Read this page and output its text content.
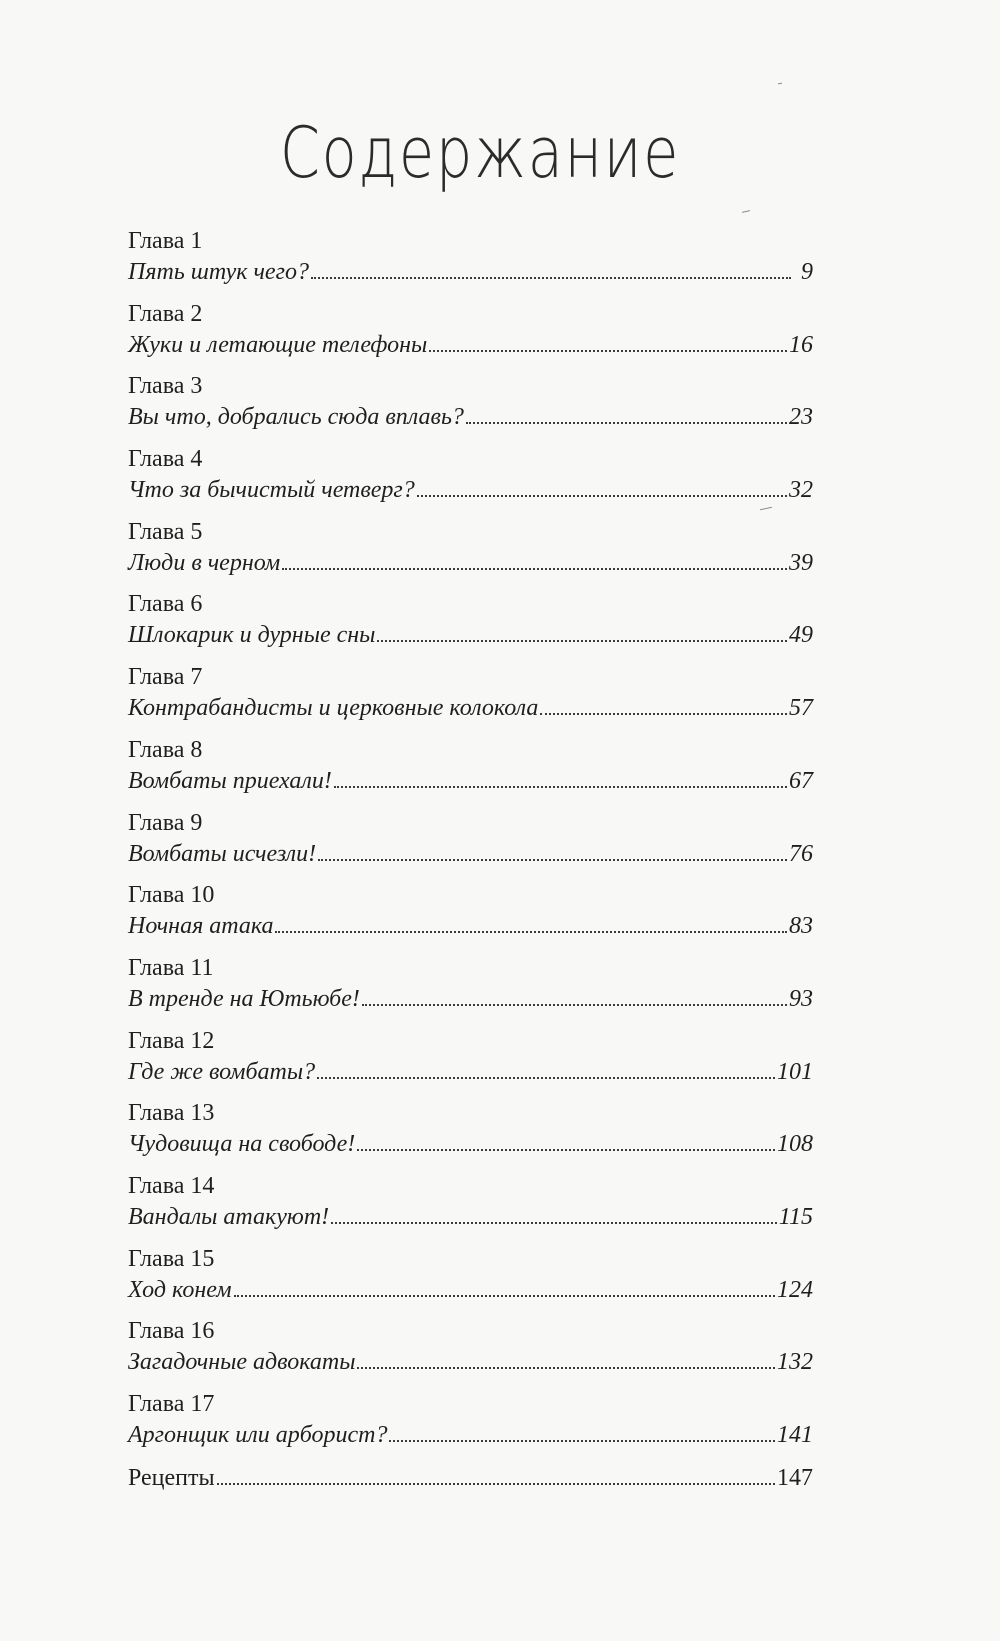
Содержание
Глава 1
Пять штук чего?	9
Глава 2
Жуки и летающие телефоны	16
Глава 3
Вы что, добрались сюда вплавь?	23
Глава 4
Что за бычистый четверг?	32
Глава 5
Люди в черном	39
Глава 6
Шлокарик и дурные сны	49
Глава 7
Контрабандисты и церковные колокола	57
Глава 8
Вомбаты приехали!	67
Глава 9
Вомбаты исчезли!	76
Глава 10
Ночная атака	83
Глава 11
В тренде на Ютьюбе!	93
Глава 12
Где же вомбаты?	101
Глава 13
Чудовища на свободе!	108
Глава 14
Вандалы атакуют!	115
Глава 15
Ход конем	124
Глава 16
Загадочные адвокаты	132
Глава 17
Аргонщик или арборист?	141
Рецепты	147
